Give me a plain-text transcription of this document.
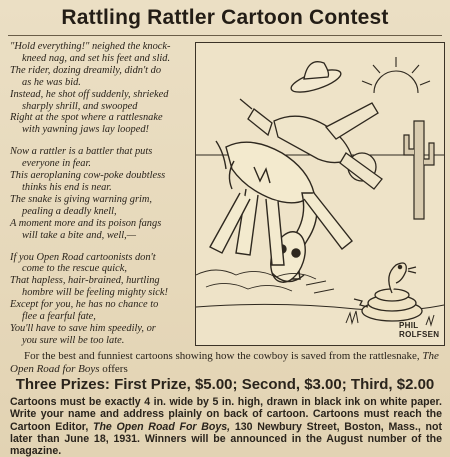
Rattling Rattler Cartoon Contest
"Hold everything!" neighed the knock-
kneed nag, and set his feet and slid.
The rider, dozing dreamily, didn't do
as he was bid.
Instead, he shot off suddenly, shrieked
sharply shrill, and swooped
Right at the spot where a rattlesnake
with yawning jaws lay looped!
Now a rattler is a battler that puts
everyone in fear.
This aeroplaning cow-poke doubtless
thinks his end is near.
The snake is giving warning grim,
pealing a deadly knell,
A moment more and its poison fangs
will take a bite and, well,—
If you Open Road cartoonists don't
come to the rescue quick,
That hapless, hair-brained, hurtling
hombre will be feeling mighty sick!
Except for you, he has no chance to
flee a fearful fate,
You'll have to save him speedily, or
you sure will be too late.
PHIL ROLFSEN
For the best and funniest cartoons showing how the cowboy is saved from the rattlesnake, The Open Road for Boys offers
Three Prizes: First Prize, $5.00; Second, $3.00; Third, $2.00
Cartoons must be exactly 4 in. wide by 5 in. high, drawn in black ink on white paper. Write your name and address plainly on back of cartoon. Cartoons must reach the Cartoon Editor, The Open Road For Boys, 130 Newbury Street, Boston, Mass., not later than June 18, 1931. Winners will be announced in the August number of the magazine.
